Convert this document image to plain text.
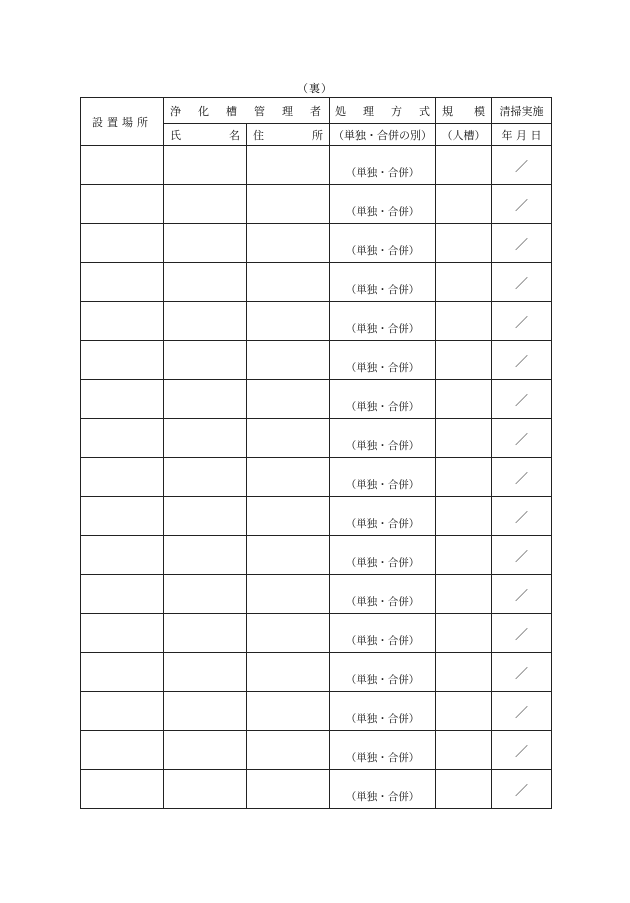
（裏）
設置場所	浄化槽管理者		処理方式	規模	清掃実施

	氏 名	住 所	（単独・合併の別）	（人槽）	年 月 日
			（単独・合併）		／
			（単独・合併）		／
			（単独・合併）		／
			（単独・合併）		／
			（単独・合併）		／
			（単独・合併）		／
			（単独・合併）		／
			（単独・合併）		／
			（単独・合併）		／
			（単独・合併）		／
			（単独・合併）		／
			（単独・合併）		／
			（単独・合併）		／
			（単独・合併）		／
			（単独・合併）		／
			（単独・合併）		／
			（単独・合併）		／
